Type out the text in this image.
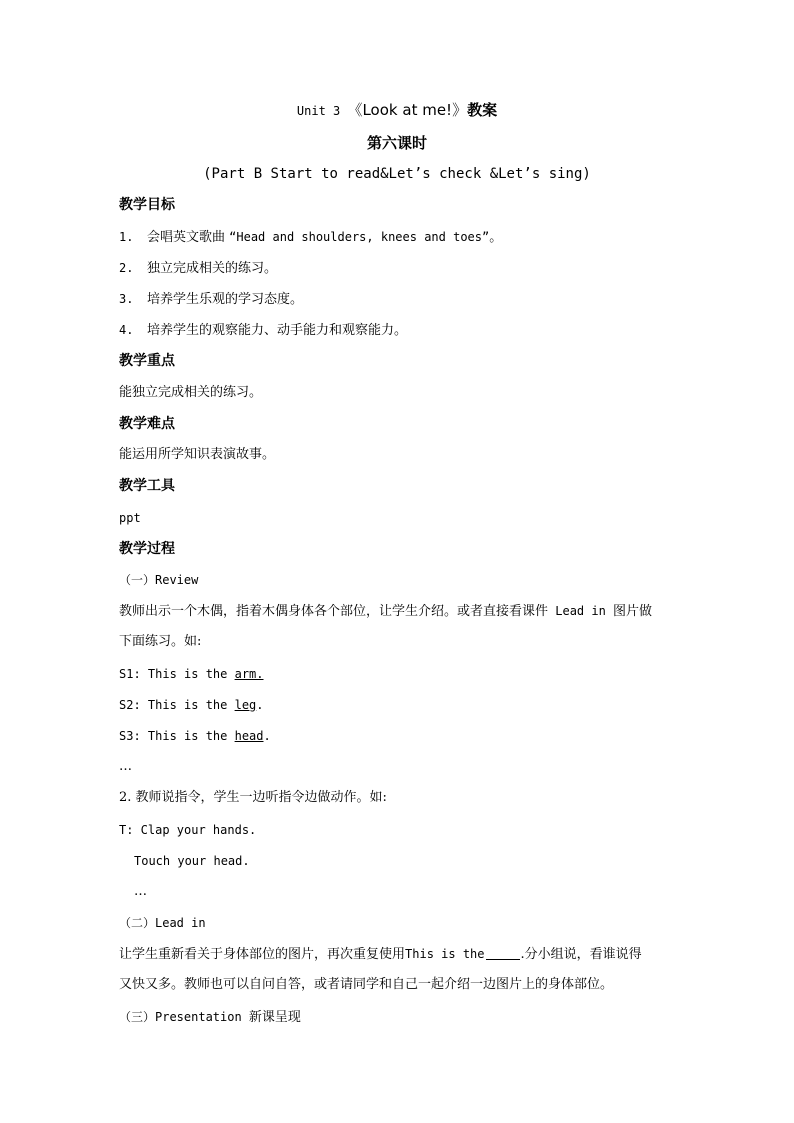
Unit 3 《Look at me!》教案
第六课时
(Part B Start to read&Let’s check &Let’s sing)
教学目标
1. 会唱英文歌曲 “Head and shoulders, knees and toes”。
2. 独立完成相关的练习。
3. 培养学生乐观的学习态度。
4. 培养学生的观察能力、动手能力和观察能力。
教学重点
能独立完成相关的练习。
教学难点
能运用所学知识表演故事。
教学工具
ppt
教学过程
（一）Review
教师出示一个木偶，指着木偶身体各个部位，让学生介绍。或者直接看课件 Lead in 图片做
下面练习。如:
S1: This is the arm.
S2: This is the leg.
S3: This is the head.
…
2. 教师说指令，学生一边听指令边做动作。如:
T: Clap your hands.
Touch your head.
…
（二）Lead in
让学生重新看关于身体部位的图片，再次重复使用This is the	.分小组说，看谁说得
又快又多。教师也可以自问自答，或者请同学和自己一起介绍一边图片上的身体部位。
（三）Presentation 新课呈现
